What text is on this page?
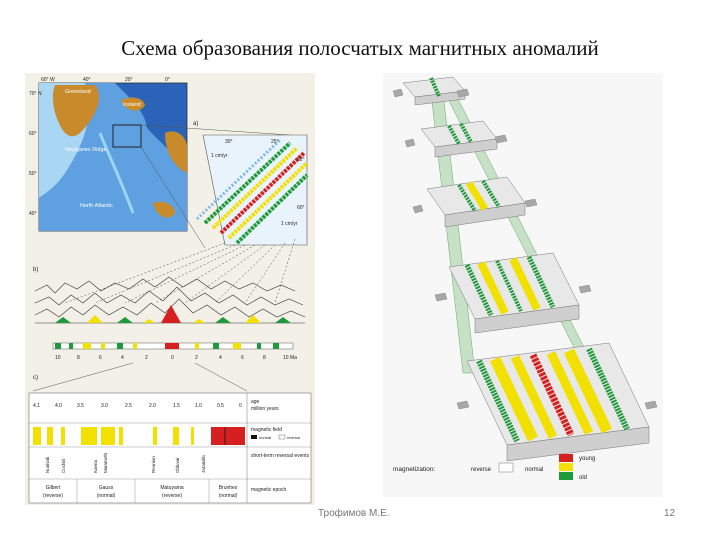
Схема образования полосчатых магнитных аномалий
60° W	40°	20°	0°
70° N
60°
50°
40°
Greenland
Iceland
Reykjanes Ridge
North Atlantic
a)
1 cm/yr
1 cm/yr
62°
60°
30°	25°
b)
10	8	6	4	2	0	2	4	6	8	10 Ma
c)
4.1	4.0	3.5	3.0	2.5	2.0	1.5	1.0	0.5	0
Nunivak Cochiti	Kaena Mammoth	Reunion	Olduvai	Jaramillo
age
million years
magnetic field
normal	reverse
short-term reversal events
magnetic epoch
Gilbert
(reverse)
Gauss
(normal)
Matuyama
(reverse)
Brunhes
(normal)
magnetization:	reverse	normal
young
old
Трофимов М.Е.	12
